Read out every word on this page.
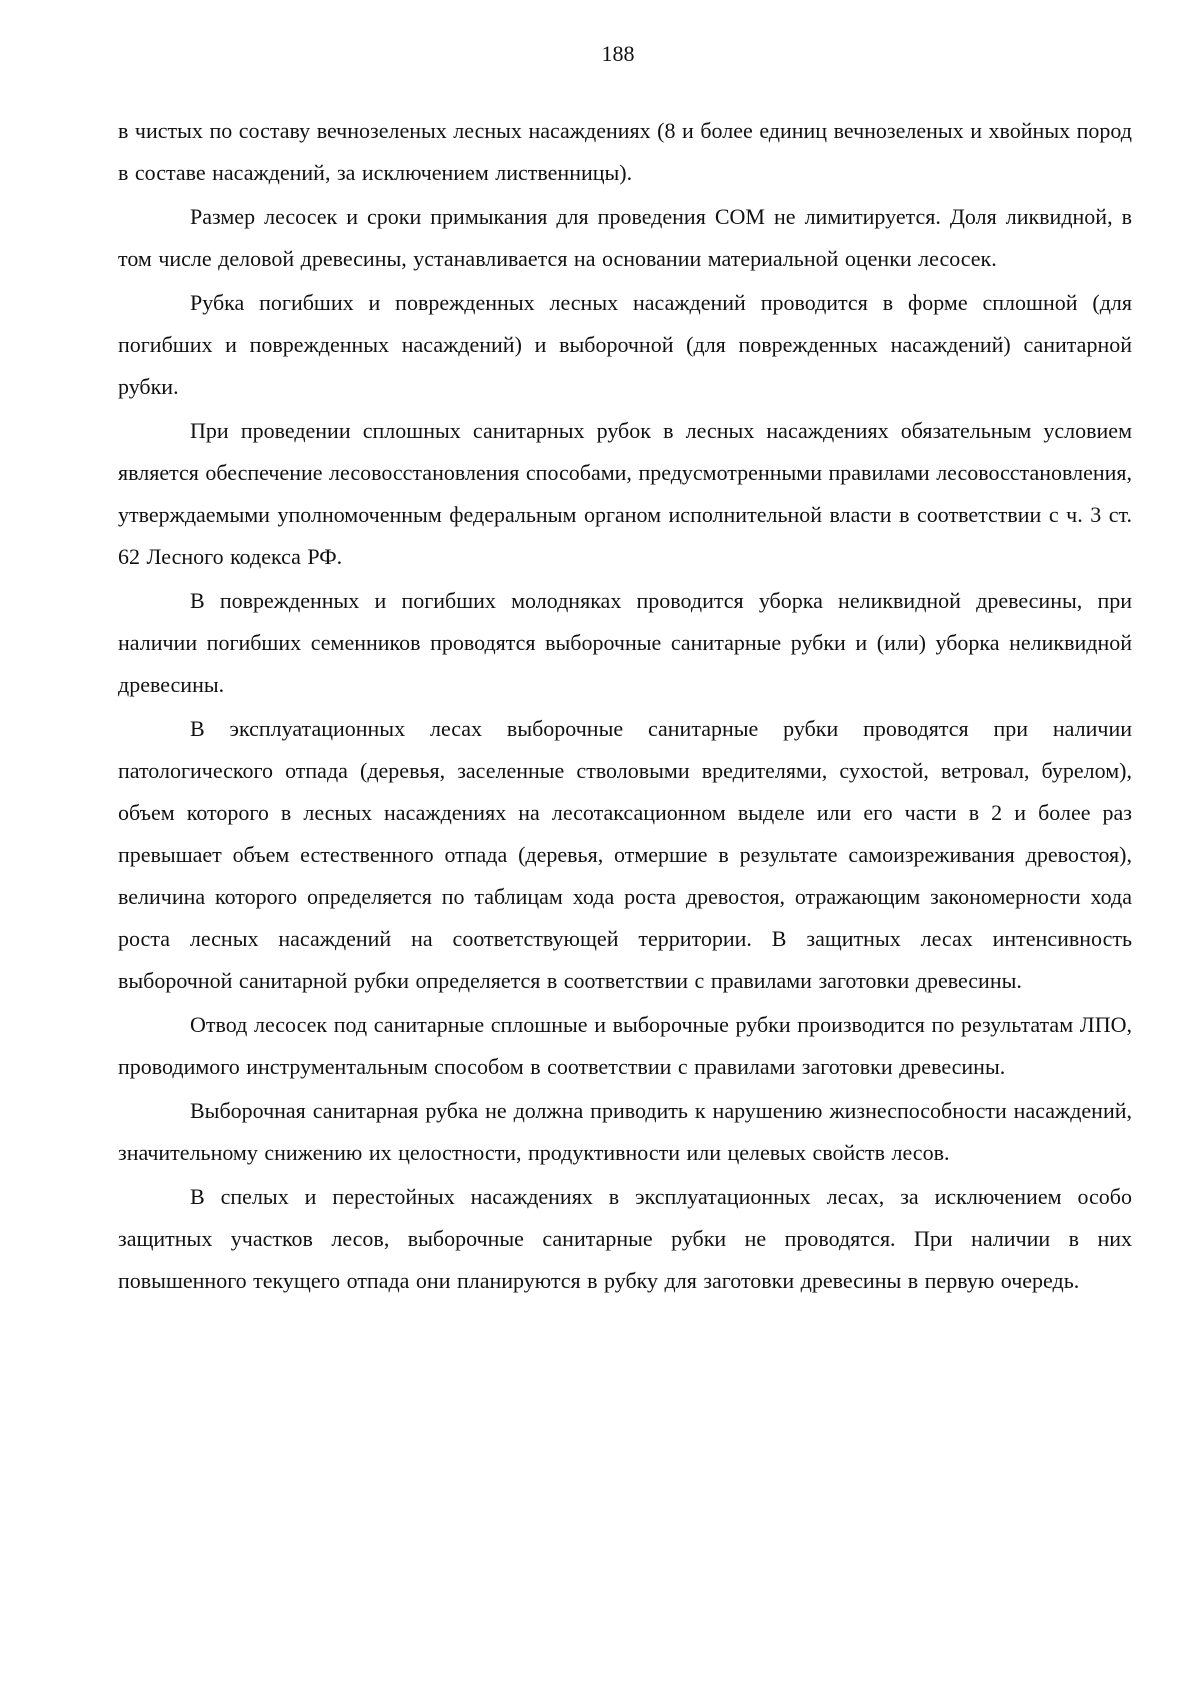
188

в чистых по составу вечнозеленых лесных насаждениях (8 и более единиц вечнозеленых и хвойных пород в составе насаждений, за исключением лиственницы).

Размер лесосек и сроки примыкания для проведения СОМ не лимитируется. Доля ликвидной, в том числе деловой древесины, устанавливается на основании материальной оценки лесосек.

Рубка погибших и поврежденных лесных насаждений проводится в форме сплошной (для погибших и поврежденных насаждений) и выборочной (для поврежденных насаждений) санитарной рубки.

При проведении сплошных санитарных рубок в лесных насаждениях обязательным условием является обеспечение лесовосстановления способами, предусмотренными правилами лесовосстановления, утверждаемыми уполномоченным федеральным органом исполнительной власти в соответствии с ч. 3 ст. 62 Лесного кодекса РФ.

В поврежденных и погибших молодняках проводится уборка неликвидной древесины, при наличии погибших семенников проводятся выборочные санитарные рубки и (или) уборка неликвидной древесины.

В эксплуатационных лесах выборочные санитарные рубки проводятся при наличии патологического отпада (деревья, заселенные стволовыми вредителями, сухостой, ветровал, бурелом), объем которого в лесных насаждениях на лесотаксационном выделе или его части в 2 и более раз превышает объем естественного отпада (деревья, отмершие в результате самоизреживания древостоя), величина которого определяется по таблицам хода роста древостоя, отражающим закономерности хода роста лесных насаждений на соответствующей территории. В защитных лесах интенсивность выборочной санитарной рубки определяется в соответствии с правилами заготовки древесины.

Отвод лесосек под санитарные сплошные и выборочные рубки производится по результатам ЛПО, проводимого инструментальным способом в соответствии с правилами заготовки древесины.

Выборочная санитарная рубка не должна приводить к нарушению жизнеспособности насаждений, значительному снижению их целостности, продуктивности или целевых свойств лесов.

В спелых и перестойных насаждениях в эксплуатационных лесах, за исключением особо защитных участков лесов, выборочные санитарные рубки не проводятся. При наличии в них повышенного текущего отпада они планируются в рубку для заготовки древесины в первую очередь.
